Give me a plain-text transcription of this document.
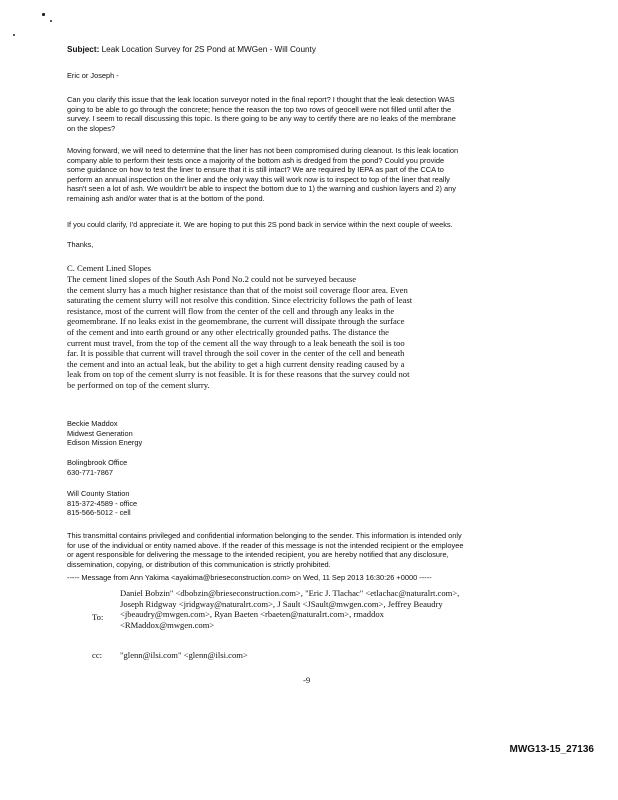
Subject: Leak Location Survey for 2S Pond at MWGen - Will County
Eric or Joseph -
Can you clarify this issue that the leak location surveyor noted in the final report? I thought that the leak detection WAS
going to be able to go through the concrete; hence the reason the top two rows of geocell were not filled until after the
survey. I seem to recall discussing this topic. Is there going to be any way to certify there are no leaks of the membrane
on the slopes?
Moving forward, we will need to determine that the liner has not been compromised during cleanout. Is this leak location
company able to perform their tests once a majority of the bottom ash is dredged from the pond? Could you provide
some guidance on how to test the liner to ensure that it is still intact? We are required by IEPA as part of the CCA to
perform an annual inspection on the liner and the only way this will work now is to inspect to top of the liner that really
hasn't seen a lot of ash. We wouldn't be able to inspect the bottom due to 1) the warning and cushion layers and 2) any
remaining ash and/or water that is at the bottom of the pond.
If you could clarify, I'd appreciate it. We are hoping to put this 2S pond back in service within the next couple of weeks.
Thanks,
C. Cement Lined Slopes
The cement lined slopes of the South Ash Pond No.2 could not be surveyed because
the cement slurry has a much higher resistance than that of the moist soil coverage floor area. Even
saturating the cement slurry will not resolve this condition. Since electricity follows the path of least
resistance, most of the current will flow from the center of the cell and through any leaks in the
geomembrane. If no leaks exist in the geomembrane, the current will dissipate through the surface
of the cement and into earth ground or any other electrically grounded paths. The distance the
current must travel, from the top of the cement all the way through to a leak beneath the soil is too
far. It is possible that current will travel through the soil cover in the center of the cell and beneath
the cement and into an actual leak, but the ability to get a high current density reading caused by a
leak from on top of the cement slurry is not feasible. It is for these reasons that the survey could not
be performed on top of the cement slurry.
Beckie Maddox
Midwest Generation
Edison Mission Energy
Bolingbrook Office
630-771-7867
Will County Station
815-372-4589 - office
815-566-5012 - cell
This transmittal contains privileged and confidential information belonging to the sender. This information is intended only
for use of the individual or entity named above. If the reader of this message is not the intended recipient or the employee
or agent responsible for delivering the message to the intended recipient, you are hereby notified that any disclosure,
dissemination, copying, or distribution of this communication is strictly prohibited.
----- Message from Ann Yakima <ayakima@brieseconstruction.com> on Wed, 11 Sep 2013 16:30:26 +0000 -----
To:
Daniel Bobzin" <dbobzin@brieseconstruction.com>, "Eric J. Tlachac" <etlachac@naturalrt.com>,
Joseph Ridgway <jridgway@naturalrt.com>, J Sault <JSault@mwgen.com>, Jeffrey Beaudry
<jbeaudry@mwgen.com>, Ryan Baeten <rbaeten@naturalrt.com>, rmaddox
<RMaddox@mwgen.com>
cc: "glenn@ilsi.com" <glenn@ilsi.com>
-9
MWG13-15_27136
